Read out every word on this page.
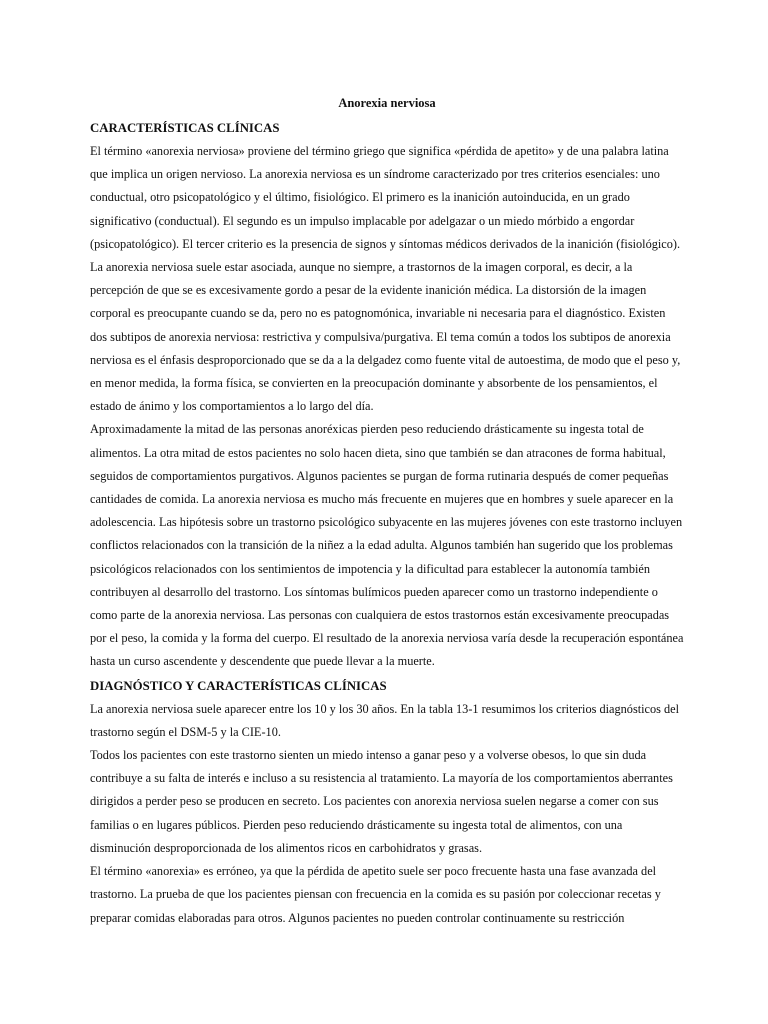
Anorexia nerviosa
CARACTERÍSTICAS CLÍNICAS

El término «anorexia nerviosa» proviene del término griego que significa «pérdida de apetito» y de una palabra latina que implica un origen nervioso. La anorexia nerviosa es un síndrome caracterizado por tres criterios esenciales: uno conductual, otro psicopatológico y el último, fisiológico. El primero es la inanición autoinducida, en un grado significativo (conductual). El segundo es un impulso implacable por adelgazar o un miedo mórbido a engordar (psicopatológico). El tercer criterio es la presencia de signos y síntomas médicos derivados de la inanición (fisiológico). La anorexia nerviosa suele estar asociada, aunque no siempre, a trastornos de la imagen corporal, es decir, a la percepción de que se es excesivamente gordo a pesar de la evidente inanición médica. La distorsión de la imagen corporal es preocupante cuando se da, pero no es patognomónica, invariable ni necesaria para el diagnóstico. Existen dos subtipos de anorexia nerviosa: restrictiva y compulsiva/purgativa. El tema común a todos los subtipos de anorexia nerviosa es el énfasis desproporcionado que se da a la delgadez como fuente vital de autoestima, de modo que el peso y, en menor medida, la forma física, se convierten en la preocupación dominante y absorbente de los pensamientos, el estado de ánimo y los comportamientos a lo largo del día.

Aproximadamente la mitad de las personas anoréxicas pierden peso reduciendo drásticamente su ingesta total de alimentos. La otra mitad de estos pacientes no solo hacen dieta, sino que también se dan atracones de forma habitual, seguidos de comportamientos purgativos. Algunos pacientes se purgan de forma rutinaria después de comer pequeñas cantidades de comida. La anorexia nerviosa es mucho más frecuente en mujeres que en hombres y suele aparecer en la adolescencia. Las hipótesis sobre un trastorno psicológico subyacente en las mujeres jóvenes con este trastorno incluyen conflictos relacionados con la transición de la niñez a la edad adulta. Algunos también han sugerido que los problemas psicológicos relacionados con los sentimientos de impotencia y la dificultad para establecer la autonomía también contribuyen al desarrollo del trastorno. Los síntomas bulímicos pueden aparecer como un trastorno independiente o como parte de la anorexia nerviosa. Las personas con cualquiera de estos trastornos están excesivamente preocupadas por el peso, la comida y la forma del cuerpo. El resultado de la anorexia nerviosa varía desde la recuperación espontánea hasta un curso ascendente y descendente que puede llevar a la muerte.

DIAGNÓSTICO Y CARACTERÍSTICAS CLÍNICAS

La anorexia nerviosa suele aparecer entre los 10 y los 30 años. En la tabla 13-1 resumimos los criterios diagnósticos del trastorno según el DSM-5 y la CIE-10.

Todos los pacientes con este trastorno sienten un miedo intenso a ganar peso y a volverse obesos, lo que sin duda contribuye a su falta de interés e incluso a su resistencia al tratamiento. La mayoría de los comportamientos aberrantes dirigidos a perder peso se producen en secreto. Los pacientes con anorexia nerviosa suelen negarse a comer con sus familias o en lugares públicos. Pierden peso reduciendo drásticamente su ingesta total de alimentos, con una disminución desproporcionada de los alimentos ricos en carbohidratos y grasas.

El término «anorexia» es erróneo, ya que la pérdida de apetito suele ser poco frecuente hasta una fase avanzada del trastorno. La prueba de que los pacientes piensan con frecuencia en la comida es su pasión por coleccionar recetas y preparar comidas elaboradas para otros. Algunos pacientes no pueden controlar continuamente su restricción
